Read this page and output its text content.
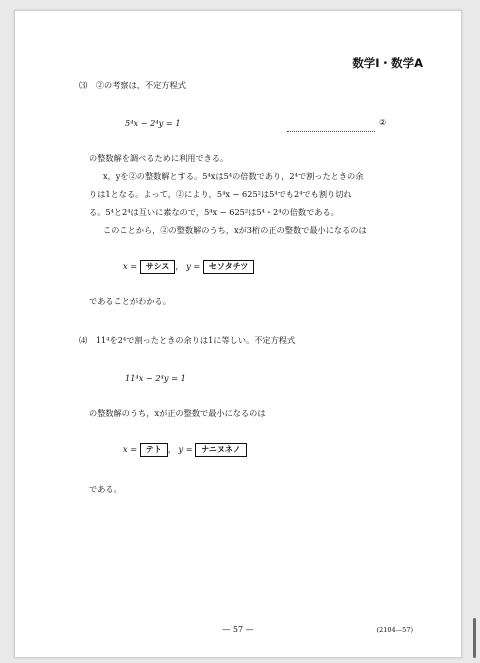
数学Ⅰ・数学A
⑶ ②の考察は，不定方程式
5⁴x − 2⁴y = 1	②
の整数解を調べるために利用できる。
x，yを②の整数解とする。5⁴xは5⁴の倍数であり，2⁴で割ったときの余
りは1となる。よって，②により，5⁴x − 625²は5⁴でも2⁴でも割り切れ
る。5⁴と2⁴は互いに素なので，5⁴x − 625²は5⁴・2⁴の倍数である。
このことから，②の整数解のうち，xが3桁の正の整数で最小になるのは
x = サシス ， y = セソタチツ
であることがわかる。
⑷ 11⁴を2⁴で割ったときの余りは1に等しい。不定方程式
11⁴x − 2⁴y = 1
の整数解のうち，xが正の整数で最小になるのは
x = テト ， y = ナニヌネノ
である。
— 57 —	(2104—57)
